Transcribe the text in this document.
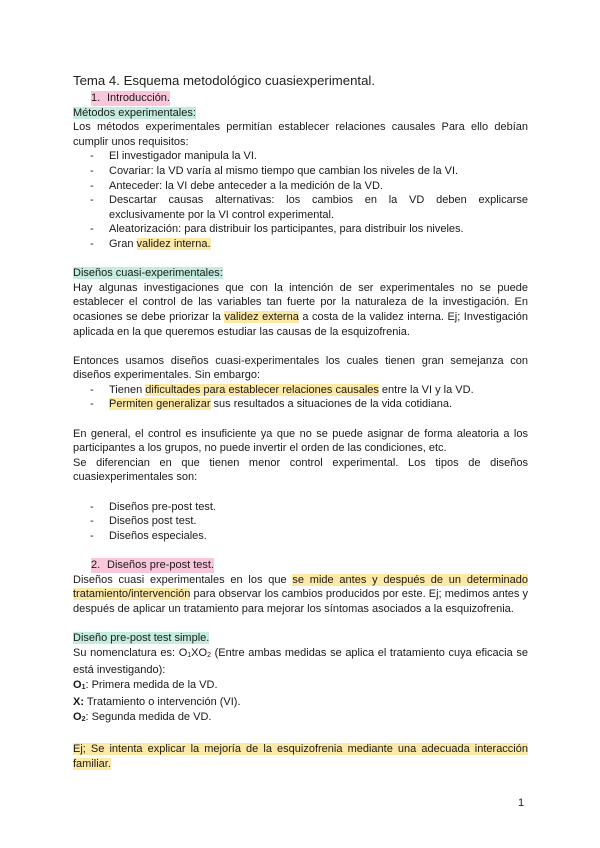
Tema 4. Esquema metodológico cuasiexperimental.

1. Introducción.

Métodos experimentales:

Los métodos experimentales permitían establecer relaciones causales Para ello debían cumplir unos requisitos:

-	El investigador manipula la VI.
-	Covariar: la VD varía al mismo tiempo que cambian los niveles de la VI.
-	Anteceder: la VI debe anteceder a la medición de la VD.
-	Descartar causas alternativas: los cambios en la VD deben explicarse exclusivamente por la VI control experimental.
-	Aleatorización: para distribuir los participantes, para distribuir los niveles.
-	Gran validez interna.

Diseños cuasi-experimentales:

Hay algunas investigaciones que con la intención de ser experimentales no se puede establecer el control de las variables tan fuerte por la naturaleza de la investigación. En ocasiones se debe priorizar la validez externa a costa de la validez interna. Ej; Investigación aplicada en la que queremos estudiar las causas de la esquizofrenia.

Entonces usamos diseños cuasi-experimentales los cuales tienen gran semejanza con diseños experimentales. Sin embargo:

-	Tienen dificultades para establecer relaciones causales entre la VI y la VD.
-	Permiten generalizar sus resultados a situaciones de la vida cotidiana.

En general, el control es insuficiente ya que no se puede asignar de forma aleatoria a los participantes a los grupos, no puede invertir el orden de las condiciones, etc.

Se diferencian en que tienen menor control experimental. Los tipos de diseños cuasiexperimentales son:

-	Diseños pre-post test.
-	Diseños post test.
-	Diseños especiales.
2. Diseños pre-post test.

Diseños cuasi experimentales en los que se mide antes y después de un determinado tratamiento/intervención para observar los cambios producidos por este. Ej; medimos antes y después de aplicar un tratamiento para mejorar los síntomas asociados a la esquizofrenia.

Diseño pre-post test simple.

Su nomenclatura es: $O_1XO_2$ (Entre ambas medidas se aplica el tratamiento cuya eficacia se está investigando):

$O_1$: Primera medida de la VD.

X: Tratamiento o intervención (VI).

$O_2$: Segunda medida de VD.

Ej; Se intenta explicar la mejoría de la esquizofrenia mediante una adecuada interacción familiar.

1
